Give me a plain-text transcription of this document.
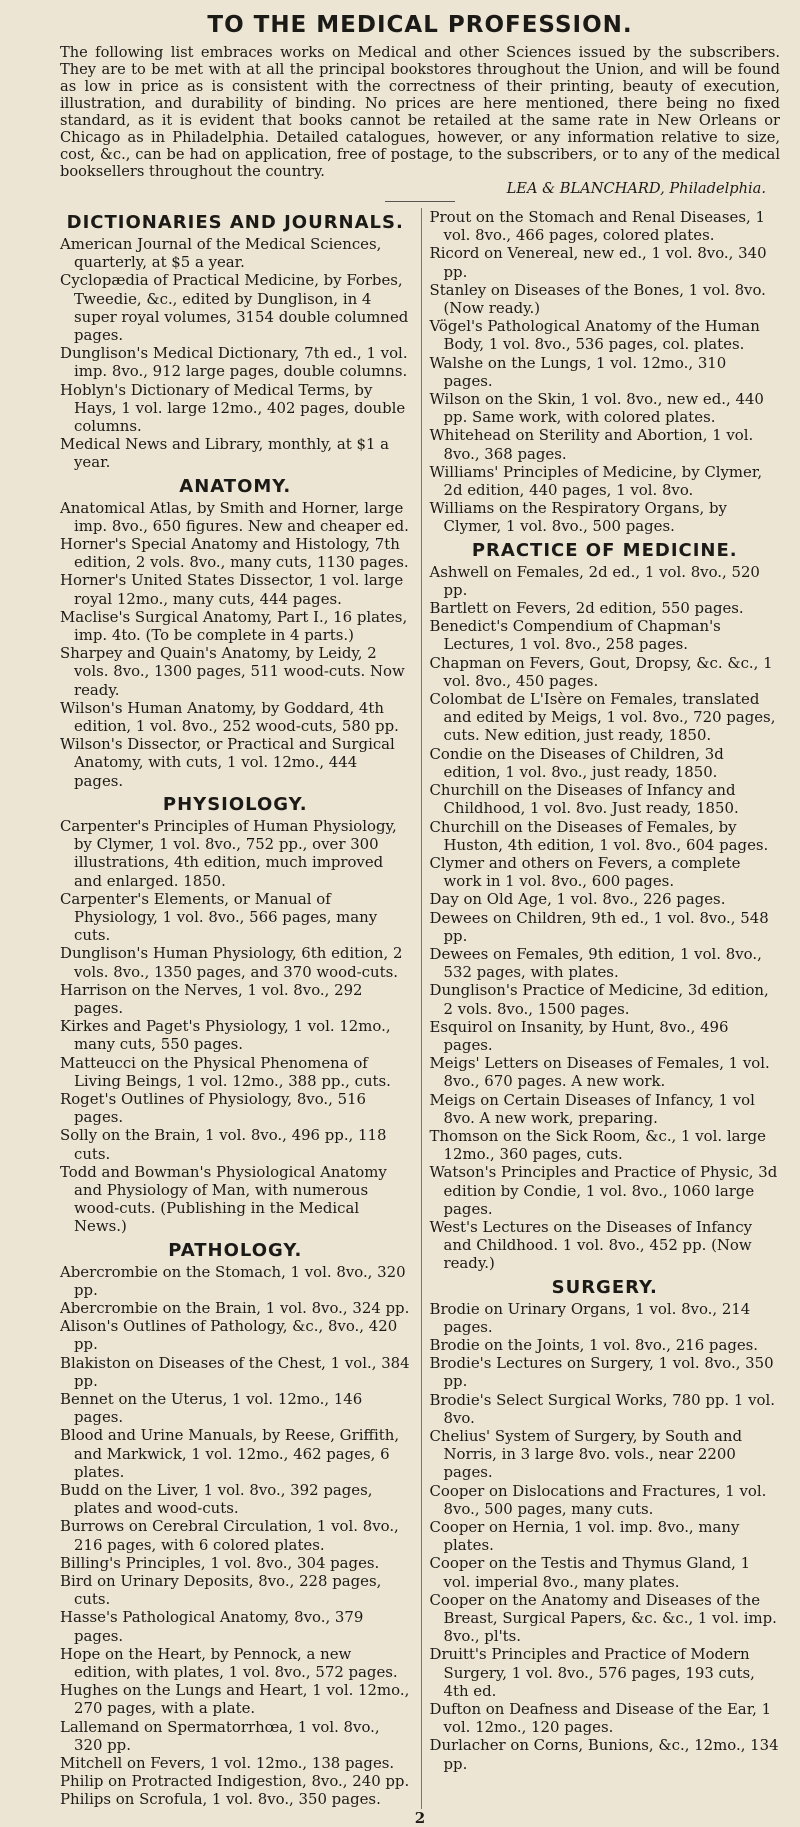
TO THE MEDICAL PROFESSION.

The following list embraces works on Medical and other Sciences issued by the subscribers. They are to be met with at all the principal bookstores throughout the Union, and will be found as low in price as is consistent with the correctness of their printing, beauty of execution, illustration, and durability of binding. No prices are here mentioned, there being no fixed standard, as it is evident that books cannot be retailed at the same rate in New Orleans or Chicago as in Philadelphia. Detailed catalogues, however, or any information relative to size, cost, &c., can be had on application, free of postage, to the subscribers, or to any of the medical booksellers throughout the country.

LEA & BLANCHARD, Philadelphia.

DICTIONARIES AND JOURNALS.

American Journal of the Medical Sciences, quarterly, at $5 a year.

Cyclopædia of Practical Medicine, by Forbes, Tweedie, &c., edited by Dunglison, in 4 super royal volumes, 3154 double columned pages.

Dunglison's Medical Dictionary, 7th ed., 1 vol. imp. 8vo., 912 large pages, double columns.

Hoblyn's Dictionary of Medical Terms, by Hays, 1 vol. large 12mo., 402 pages, double columns.

Medical News and Library, monthly, at $1 a year.

ANATOMY.

Anatomical Atlas, by Smith and Horner, large imp. 8vo., 650 figures. New and cheaper ed.

Horner's Special Anatomy and Histology, 7th edition, 2 vols. 8vo., many cuts, 1130 pages.

Horner's United States Dissector, 1 vol. large royal 12mo., many cuts, 444 pages.

Maclise's Surgical Anatomy, Part I., 16 plates, imp. 4to. (To be complete in 4 parts.)

Sharpey and Quain's Anatomy, by Leidy, 2 vols. 8vo., 1300 pages, 511 wood-cuts. Now ready.

Wilson's Human Anatomy, by Goddard, 4th edition, 1 vol. 8vo., 252 wood-cuts, 580 pp.

Wilson's Dissector, or Practical and Surgical Anatomy, with cuts, 1 vol. 12mo., 444 pages.

PHYSIOLOGY.

Carpenter's Principles of Human Physiology, by Clymer, 1 vol. 8vo., 752 pp., over 300 illustrations, 4th edition, much improved and enlarged. 1850.

Carpenter's Elements, or Manual of Physiology, 1 vol. 8vo., 566 pages, many cuts.

Dunglison's Human Physiology, 6th edition, 2 vols. 8vo., 1350 pages, and 370 wood-cuts.

Harrison on the Nerves, 1 vol. 8vo., 292 pages.

Kirkes and Paget's Physiology, 1 vol. 12mo., many cuts, 550 pages.

Matteucci on the Physical Phenomena of Living Beings, 1 vol. 12mo., 388 pp., cuts.

Roget's Outlines of Physiology, 8vo., 516 pages.

Solly on the Brain, 1 vol. 8vo., 496 pp., 118 cuts.

Todd and Bowman's Physiological Anatomy and Physiology of Man, with numerous wood-cuts. (Publishing in the Medical News.)

PATHOLOGY.

Abercrombie on the Stomach, 1 vol. 8vo., 320 pp.

Abercrombie on the Brain, 1 vol. 8vo., 324 pp.

Alison's Outlines of Pathology, &c., 8vo., 420 pp.

Blakiston on Diseases of the Chest, 1 vol., 384 pp.

Bennet on the Uterus, 1 vol. 12mo., 146 pages.

Blood and Urine Manuals, by Reese, Griffith, and Markwick, 1 vol. 12mo., 462 pages, 6 plates.

Budd on the Liver, 1 vol. 8vo., 392 pages, plates and wood-cuts.

Burrows on Cerebral Circulation, 1 vol. 8vo., 216 pages, with 6 colored plates.

Billing's Principles, 1 vol. 8vo., 304 pages.

Bird on Urinary Deposits, 8vo., 228 pages, cuts.

Hasse's Pathological Anatomy, 8vo., 379 pages.

Hope on the Heart, by Pennock, a new edition, with plates, 1 vol. 8vo., 572 pages.

Hughes on the Lungs and Heart, 1 vol. 12mo., 270 pages, with a plate.

Lallemand on Spermatorrhœa, 1 vol. 8vo., 320 pp.

Mitchell on Fevers, 1 vol. 12mo., 138 pages.

Philip on Protracted Indigestion, 8vo., 240 pp.

Philips on Scrofula, 1 vol. 8vo., 350 pages.

Prout on the Stomach and Renal Diseases, 1 vol. 8vo., 466 pages, colored plates.

Ricord on Venereal, new ed., 1 vol. 8vo., 340 pp.

Stanley on Diseases of the Bones, 1 vol. 8vo. (Now ready.)

Vögel's Pathological Anatomy of the Human Body, 1 vol. 8vo., 536 pages, col. plates.

Walshe on the Lungs, 1 vol. 12mo., 310 pages.

Wilson on the Skin, 1 vol. 8vo., new ed., 440 pp. Same work, with colored plates.

Whitehead on Sterility and Abortion, 1 vol. 8vo., 368 pages.

Williams' Principles of Medicine, by Clymer, 2d edition, 440 pages, 1 vol. 8vo.

Williams on the Respiratory Organs, by Clymer, 1 vol. 8vo., 500 pages.

PRACTICE OF MEDICINE.

Ashwell on Females, 2d ed., 1 vol. 8vo., 520 pp.

Bartlett on Fevers, 2d edition, 550 pages.

Benedict's Compendium of Chapman's Lectures, 1 vol. 8vo., 258 pages.

Chapman on Fevers, Gout, Dropsy, &c. &c., 1 vol. 8vo., 450 pages.

Colombat de L'Isère on Females, translated and edited by Meigs, 1 vol. 8vo., 720 pages, cuts. New edition, just ready, 1850.

Condie on the Diseases of Children, 3d edition, 1 vol. 8vo., just ready, 1850.

Churchill on the Diseases of Infancy and Childhood, 1 vol. 8vo. Just ready, 1850.

Churchill on the Diseases of Females, by Huston, 4th edition, 1 vol. 8vo., 604 pages.

Clymer and others on Fevers, a complete work in 1 vol. 8vo., 600 pages.

Day on Old Age, 1 vol. 8vo., 226 pages.

Dewees on Children, 9th ed., 1 vol. 8vo., 548 pp.

Dewees on Females, 9th edition, 1 vol. 8vo., 532 pages, with plates.

Dunglison's Practice of Medicine, 3d edition, 2 vols. 8vo., 1500 pages.

Esquirol on Insanity, by Hunt, 8vo., 496 pages.

Meigs' Letters on Diseases of Females, 1 vol. 8vo., 670 pages. A new work.

Meigs on Certain Diseases of Infancy, 1 vol 8vo. A new work, preparing.

Thomson on the Sick Room, &c., 1 vol. large 12mo., 360 pages, cuts.

Watson's Principles and Practice of Physic, 3d edition by Condie, 1 vol. 8vo., 1060 large pages.

West's Lectures on the Diseases of Infancy and Childhood. 1 vol. 8vo., 452 pp. (Now ready.)

SURGERY.

Brodie on Urinary Organs, 1 vol. 8vo., 214 pages.

Brodie on the Joints, 1 vol. 8vo., 216 pages.

Brodie's Lectures on Surgery, 1 vol. 8vo., 350 pp.

Brodie's Select Surgical Works, 780 pp. 1 vol. 8vo.

Chelius' System of Surgery, by South and Norris, in 3 large 8vo. vols., near 2200 pages.

Cooper on Dislocations and Fractures, 1 vol. 8vo., 500 pages, many cuts.

Cooper on Hernia, 1 vol. imp. 8vo., many plates.

Cooper on the Testis and Thymus Gland, 1 vol. imperial 8vo., many plates.

Cooper on the Anatomy and Diseases of the Breast, Surgical Papers, &c. &c., 1 vol. imp. 8vo., pl'ts.

Druitt's Principles and Practice of Modern Surgery, 1 vol. 8vo., 576 pages, 193 cuts, 4th ed.

Dufton on Deafness and Disease of the Ear, 1 vol. 12mo., 120 pages.

Durlacher on Corns, Bunions, &c., 12mo., 134 pp.

2
